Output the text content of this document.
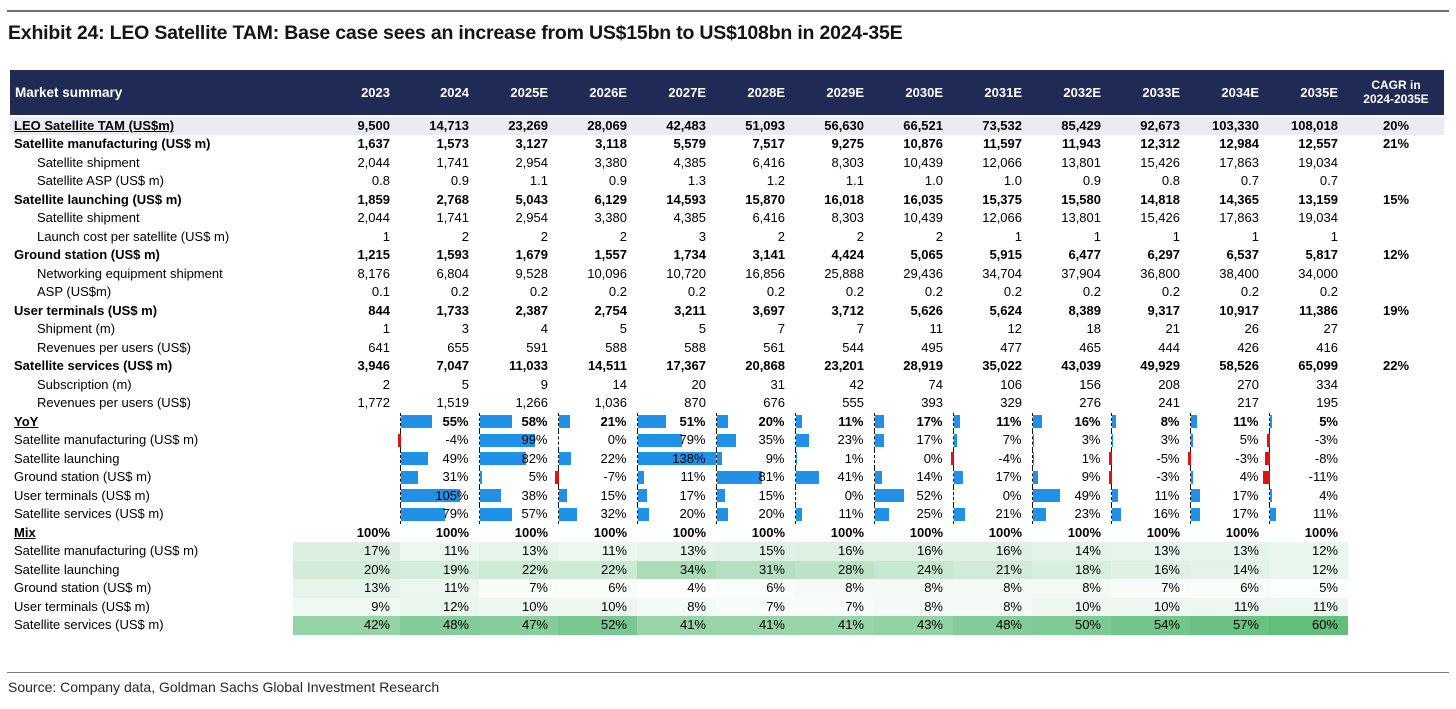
Exhibit 24: LEO Satellite TAM: Base case sees an increase from US$15bn to US$108bn in 2024-35E
Market summary	2023	2024	2025E	2026E	2027E	2028E	2029E	2030E	2031E	2032E	2033E	2034E	2035E	CAGR in
2024-2035E

LEO Satellite TAM (US$m)	9,500	14,713	23,269	28,069	42,483	51,093	56,630	66,521	73,532	85,429	92,673	103,330	108,018	20%
Satellite manufacturing (US$ m)	1,637	1,573	3,127	3,118	5,579	7,517	9,275	10,876	11,597	11,943	12,312	12,984	12,557	21%
Satellite shipment	2,044	1,741	2,954	3,380	4,385	6,416	8,303	10,439	12,066	13,801	15,426	17,863	19,034	
Satellite ASP (US$ m)	0.8	0.9	1.1	0.9	1.3	1.2	1.1	1.0	1.0	0.9	0.8	0.7	0.7	
Satellite launching (US$ m)	1,859	2,768	5,043	6,129	14,593	15,870	16,018	16,035	15,375	15,580	14,818	14,365	13,159	15%
Satellite shipment	2,044	1,741	2,954	3,380	4,385	6,416	8,303	10,439	12,066	13,801	15,426	17,863	19,034	
Launch cost per satellite (US$ m)	1	2	2	2	3	2	2	2	1	1	1	1	1	
Ground station (US$ m)	1,215	1,593	1,679	1,557	1,734	3,141	4,424	5,065	5,915	6,477	6,297	6,537	5,817	12%
Networking equipment shipment	8,176	6,804	9,528	10,096	10,720	16,856	25,888	29,436	34,704	37,904	36,800	38,400	34,000	
ASP (US$m)	0.1	0.2	0.2	0.2	0.2	0.2	0.2	0.2	0.2	0.2	0.2	0.2	0.2	
User terminals (US$ m)	844	1,733	2,387	2,754	3,211	3,697	3,712	5,626	5,624	8,389	9,317	10,917	11,386	19%
Shipment (m)	1	3	4	5	5	7	7	11	12	18	21	26	27	
Revenues per users (US$)	641	655	591	588	588	561	544	495	477	465	444	426	416	
Satellite services (US$ m)	3,946	7,047	11,033	14,511	17,367	20,868	23,201	28,919	35,022	43,039	49,929	58,526	65,099	22%
Subscription (m)	2	5	9	14	20	31	42	74	106	156	208	270	334	
Revenues per users (US$)	1,772	1,519	1,266	1,036	870	676	555	393	329	276	241	217	195	
YoY		55%	58%	21%	51%	20%	11%	17%	11%	16%	8%	11%	5%	
Satellite manufacturing (US$ m)		-4%	99%	0%	79%	35%	23%	17%	7%	3%	3%	5%	-3%	
Satellite launching		49%	82%	22%	138%	9%	1%	0%	-4%	1%	-5%	-3%	-8%	
Ground station (US$ m)		31%	5%	-7%	11%	81%	41%	14%	17%	9%	-3%	4%	-11%	
User terminals (US$ m)		105%	38%	15%	17%	15%	0%	52%	0%	49%	11%	17%	4%	
Satellite services (US$ m)		79%	57%	32%	20%	20%	11%	25%	21%	23%	16%	17%	11%	
Mix	100%	100%	100%	100%	100%	100%	100%	100%	100%	100%	100%	100%	100%	
Satellite manufacturing (US$ m)	17%	11%	13%	11%	13%	15%	16%	16%	16%	14%	13%	13%	12%	
Satellite launching	20%	19%	22%	22%	34%	31%	28%	24%	21%	18%	16%	14%	12%	
Ground station (US$ m)	13%	11%	7%	6%	4%	6%	8%	8%	8%	8%	7%	6%	5%	
User terminals (US$ m)	9%	12%	10%	10%	8%	7%	7%	8%	8%	10%	10%	11%	11%	
Satellite services (US$ m)	42%	48%	47%	52%	41%	41%	41%	43%	48%	50%	54%	57%	60%	

Source: Company data, Goldman Sachs Global Investment Research
